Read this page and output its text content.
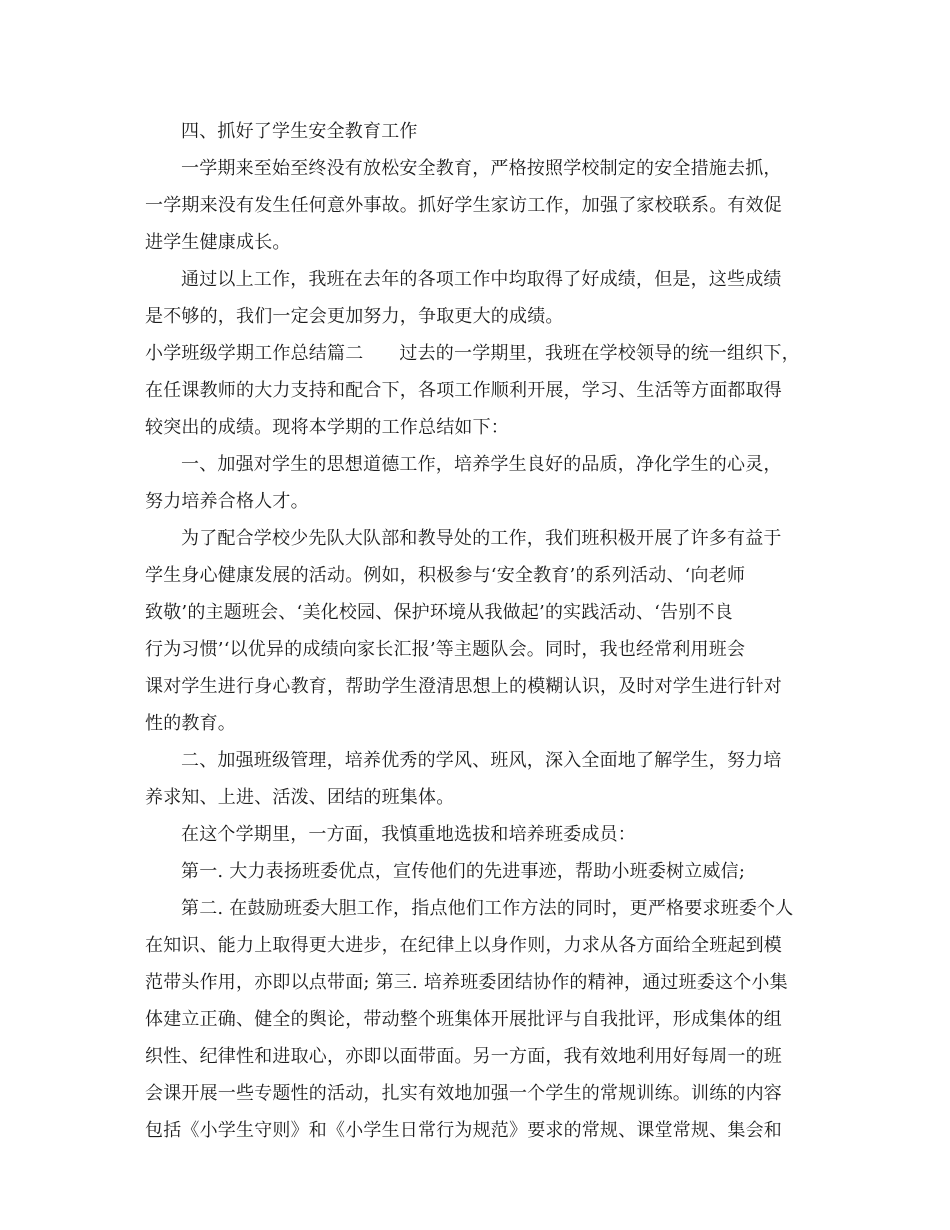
四、抓好了学生安全教育工作
一学期来至始至终没有放松安全教育，严格按照学校制定的安全措施去抓，
一学期来没有发生任何意外事故。抓好学生家访工作，加强了家校联系。有效促
进学生健康成长。
通过以上工作，我班在去年的各项工作中均取得了好成绩，但是，这些成绩
是不够的，我们一定会更加努力，争取更大的成绩。
小学班级学期工作总结篇二 过去的一学期里，我班在学校领导的统一组织下，
在任课教师的大力支持和配合下，各项工作顺利开展，学习、生活等方面都取得
较突出的成绩。现将本学期的工作总结如下：
一、加强对学生的思想道德工作，培养学生良好的品质，净化学生的心灵，
努力培养合格人才。
为了配合学校少先队大队部和教导处的工作，我们班积极开展了许多有益于
学生身心健康发展的活动。例如，积极参与‘安全教育’的系列活动、‘向老师
致敬’的主题班会、‘美化校园、保护环境从我做起’的实践活动、‘告别不良
行为习惯’‘以优异的成绩向家长汇报’等主题队会。同时，我也经常利用班会
课对学生进行身心教育，帮助学生澄清思想上的模糊认识，及时对学生进行针对
性的教育。
二、加强班级管理，培养优秀的学风、班风，深入全面地了解学生，努力培
养求知、上进、活泼、团结的班集体。
在这个学期里，一方面，我慎重地选拔和培养班委成员：
第一. 大力表扬班委优点，宣传他们的先进事迹，帮助小班委树立威信;
第二. 在鼓励班委大胆工作，指点他们工作方法的同时，更严格要求班委个人
在知识、能力上取得更大进步，在纪律上以身作则，力求从各方面给全班起到模
范带头作用，亦即以点带面; 第三. 培养班委团结协作的精神，通过班委这个小集
体建立正确、健全的舆论，带动整个班集体开展批评与自我批评，形成集体的组
织性、纪律性和进取心，亦即以面带面。另一方面，我有效地利用好每周一的班
会课开展一些专题性的活动，扎实有效地加强一个学生的常规训练。训练的内容
包括《小学生守则》和《小学生日常行为规范》要求的常规、课堂常规、集会和
